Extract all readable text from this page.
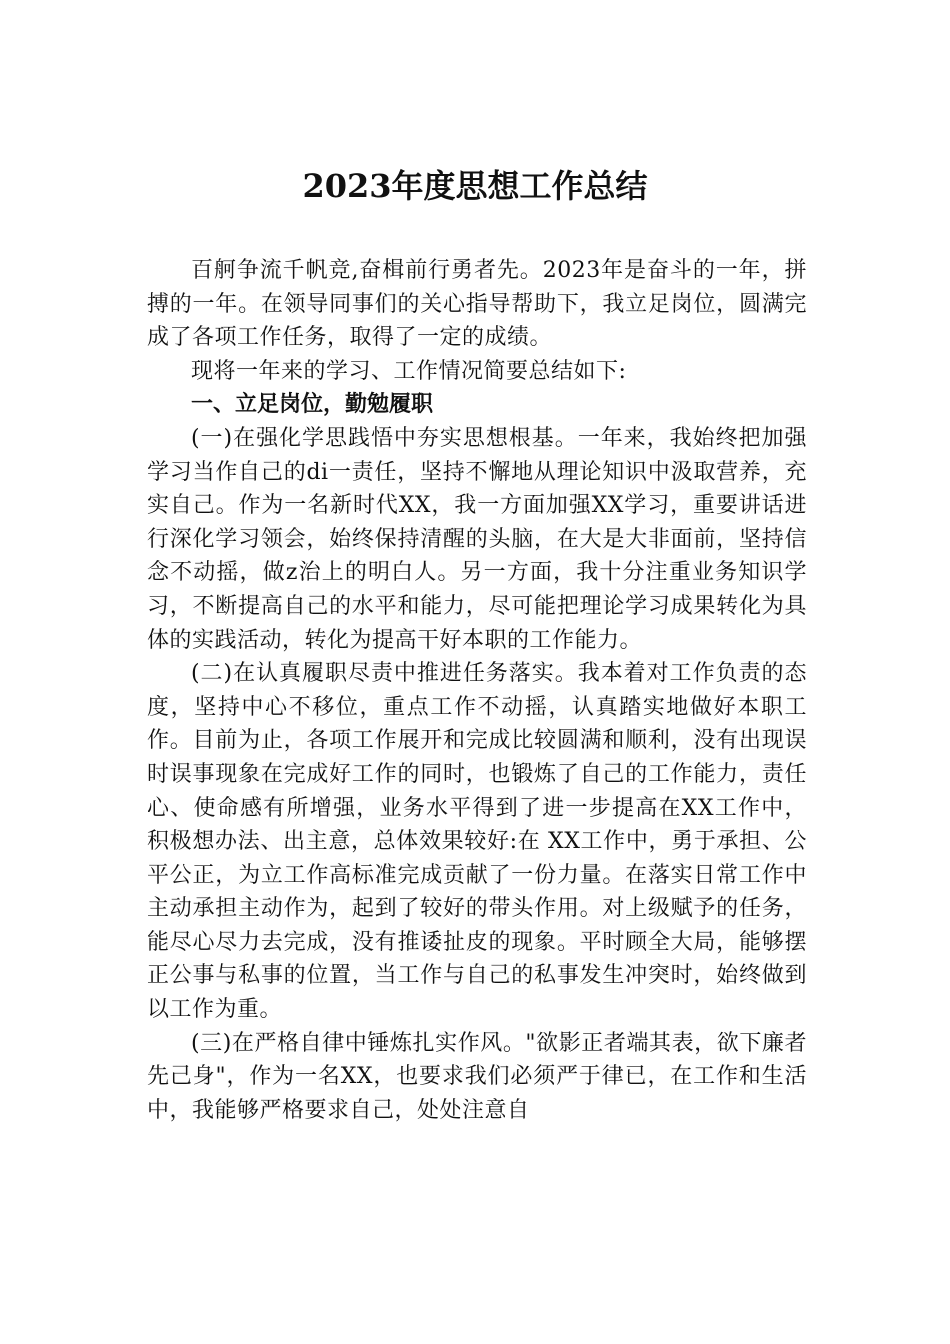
2023年度思想工作总结

百舸争流千帆竞,奋楫前行勇者先。2023年是奋斗的一年，拼搏的一年。在领导同事们的关心指导帮助下，我立足岗位，圆满完成了各项工作任务，取得了一定的成绩。

现将一年来的学习、工作情况简要总结如下:

一、立足岗位，勤勉履职

(一)在强化学思践悟中夯实思想根基。一年来，我始终把加强学习当作自己的di一责任，坚持不懈地从理论知识中汲取营养，充实自己。作为一名新时代XX，我一方面加强XX学习，重要讲话进行深化学习领会，始终保持清醒的头脑，在大是大非面前，坚持信念不动摇，做z治上的明白人。另一方面，我十分注重业务知识学习，不断提高自己的水平和能力，尽可能把理论学习成果转化为具体的实践活动，转化为提高干好本职的工作能力。

(二)在认真履职尽责中推进任务落实。我本着对工作负责的态度，坚持中心不移位，重点工作不动摇，认真踏实地做好本职工作。目前为止，各项工作展开和完成比较圆满和顺利，没有出现误时误事现象在完成好工作的同时，也锻炼了自己的工作能力，责任心、使命感有所增强，业务水平得到了进一步提高在XX工作中，积极想办法、出主意，总体效果较好:在 XX工作中，勇于承担、公平公正，为立工作高标准完成贡献了一份力量。在落实日常工作中主动承担主动作为，起到了较好的带头作用。对上级赋予的任务，能尽心尽力去完成，没有推诿扯皮的现象。平时顾全大局，能够摆正公事与私事的位置，当工作与自己的私事发生冲突时，始终做到以工作为重。

(三)在严格自律中锤炼扎实作风。"欲影正者端其表，欲下廉者先己身"，作为一名XX，也要求我们必须严于律已，在工作和生活中，我能够严格要求自己，处处注意自
